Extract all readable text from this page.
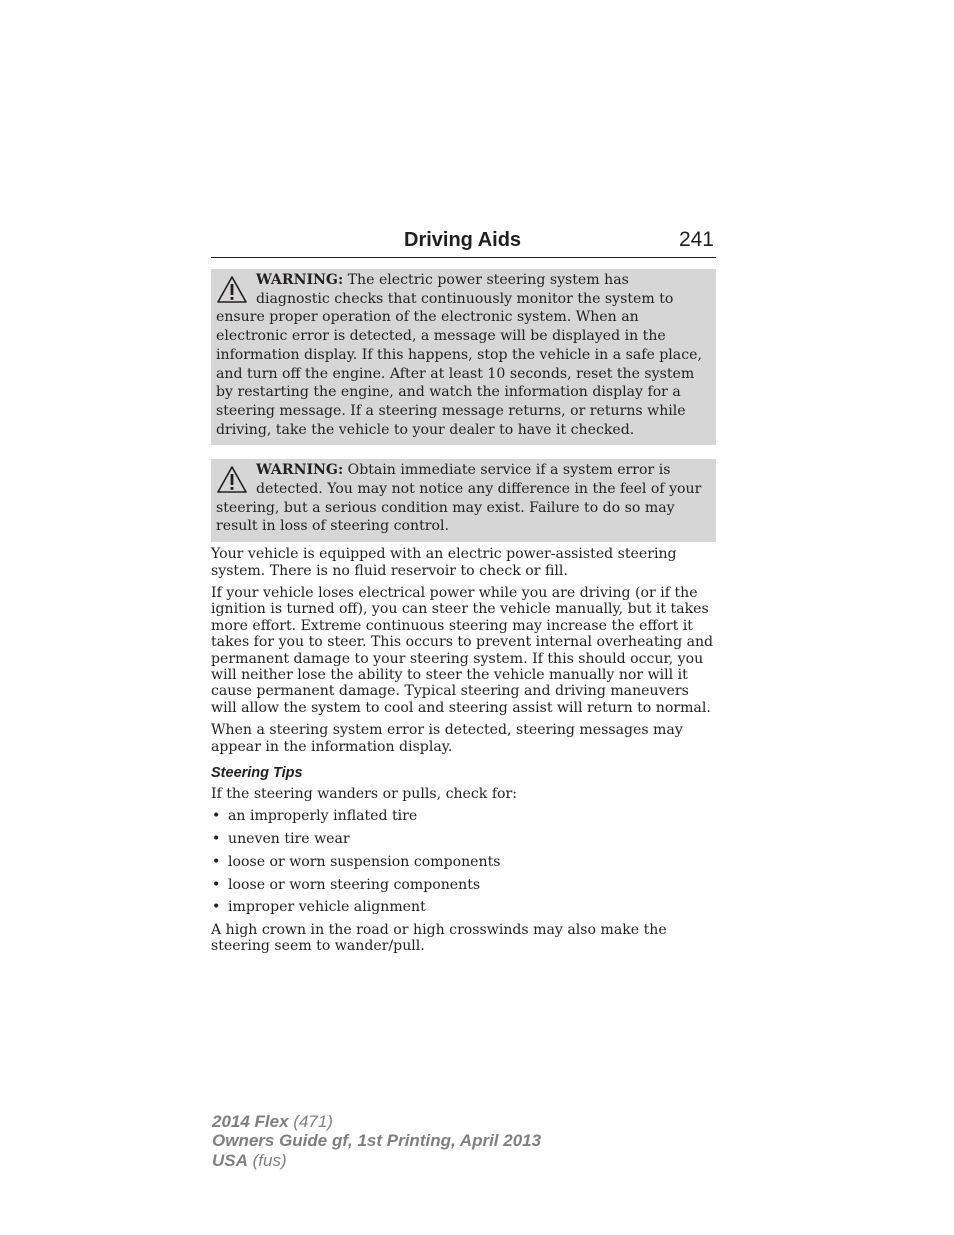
Driving Aids	241
WARNING: The electric power steering system has diagnostic checks that continuously monitor the system to ensure proper operation of the electronic system. When an electronic error is detected, a message will be displayed in the information display. If this happens, stop the vehicle in a safe place, and turn off the engine. After at least 10 seconds, reset the system by restarting the engine, and watch the information display for a steering message. If a steering message returns, or returns while driving, take the vehicle to your dealer to have it checked.
WARNING: Obtain immediate service if a system error is detected. You may not notice any difference in the feel of your steering, but a serious condition may exist. Failure to do so may result in loss of steering control.

Your vehicle is equipped with an electric power-assisted steering system. There is no fluid reservoir to check or fill.

If your vehicle loses electrical power while you are driving (or if the ignition is turned off), you can steer the vehicle manually, but it takes more effort. Extreme continuous steering may increase the effort it takes for you to steer. This occurs to prevent internal overheating and permanent damage to your steering system. If this should occur, you will neither lose the ability to steer the vehicle manually nor will it cause permanent damage. Typical steering and driving maneuvers will allow the system to cool and steering assist will return to normal.

When a steering system error is detected, steering messages may appear in the information display.

Steering Tips

If the steering wanders or pulls, check for:

• an improperly inflated tire
• uneven tire wear
• loose or worn suspension components
• loose or worn steering components
• improper vehicle alignment

A high crown in the road or high crosswinds may also make the steering seem to wander/pull.

2014 Flex (471)
Owners Guide gf, 1st Printing, April 2013
USA (fus)
